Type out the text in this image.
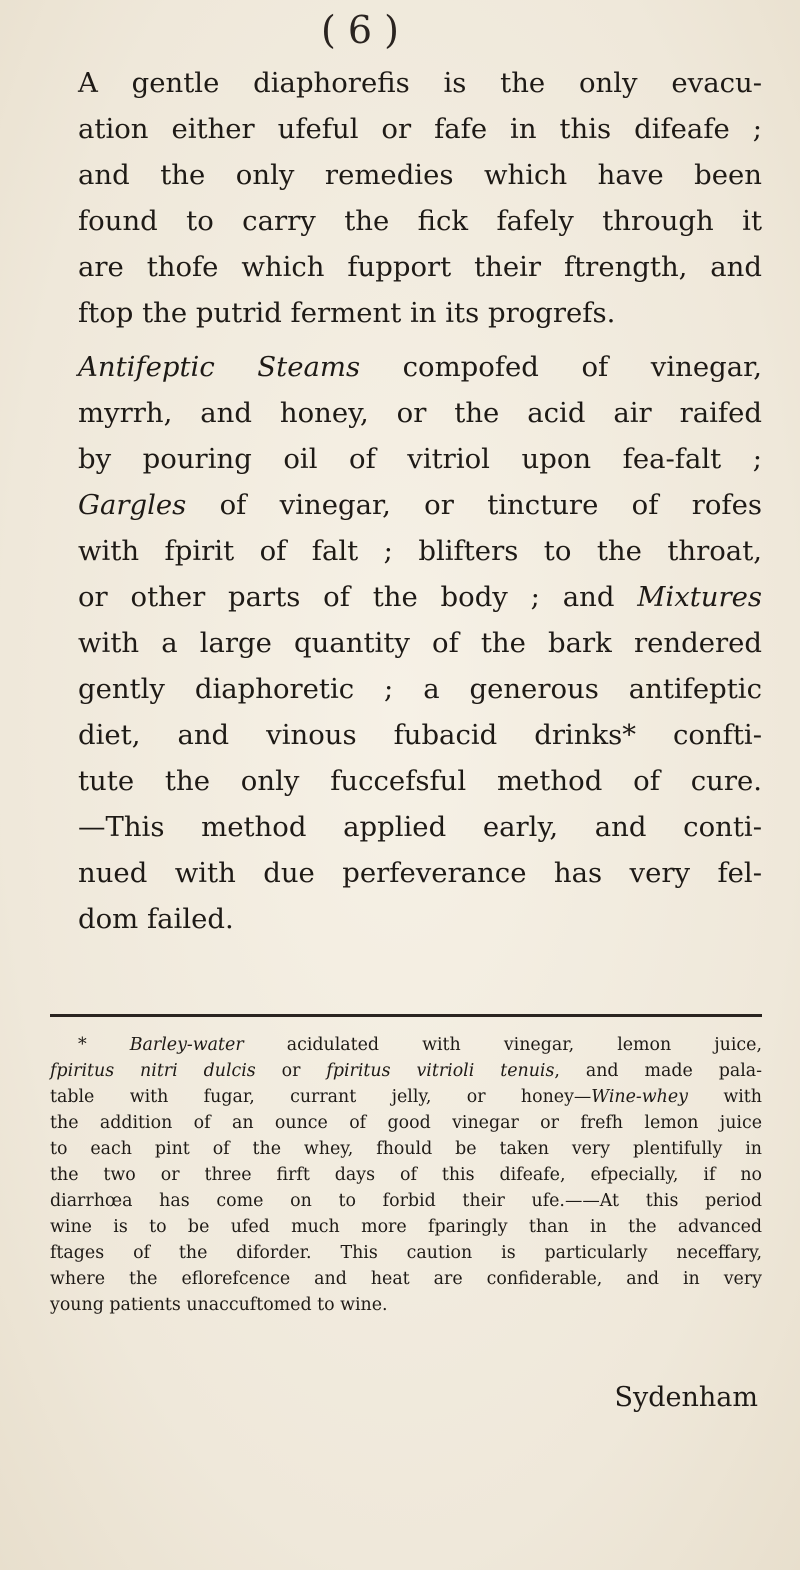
( 6 )

A gentle diaphorefis is the only evacu-
ation either ufeful or fafe in this difeafe ;
and the only remedies which have been
found to carry the fick fafely through it
are thofe which fupport their ftrength, and
ftop the putrid ferment in its progrefs.

Antifeptic Steams compofed of vinegar,
myrrh, and honey, or the acid air raifed
by pouring oil of vitriol upon fea-falt ;
Gargles of vinegar, or tincture of rofes
with fpirit of falt ; blifters to the throat,
or other parts of the body ; and Mixtures
with a large quantity of the bark rendered
gently diaphoretic ; a generous antifeptic
diet, and vinous fubacid drinks* confti-
tute the only fuccefsful method of cure.
—This method applied early, and conti-
nued with due perfeverance has very fel-
dom failed.

* Barley-water acidulated with vinegar, lemon juice,
fpiritus nitri dulcis or fpiritus vitrioli tenuis, and made pala-
table with fugar, currant jelly, or honey—Wine-whey with
the addition of an ounce of good vinegar or frefh lemon juice
to each pint of the whey, fhould be taken very plentifully in
the two or three firft days of this difeafe, efpecially, if no
diarrhœa has come on to forbid their ufe.——At this period
wine is to be ufed much more fparingly than in the advanced
ftages of the diforder. This caution is particularly neceffary,
where the eflorefcence and heat are confiderable, and in very
young patients unaccuftomed to wine.
Sydenham
